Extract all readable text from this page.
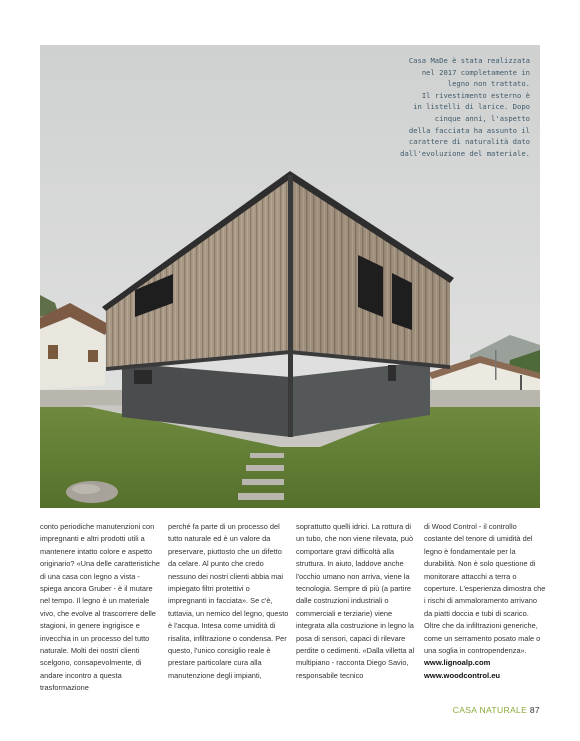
Casa MaDe è stata realizzata

nel 2017 completamente in

legno non trattato.

Il rivestimento esterno è

in listelli di larice. Dopo

cinque anni, l'aspetto

della facciata ha assunto il

carattere di naturalità dato

dall'evoluzione del materiale.

conto periodiche manutenzioni con impregnanti e altri prodotti utili a mantenere intatto colore e aspetto originario? «Una delle caratteristiche di una casa con legno a vista - spiega ancora Gruber - è il mutare nel tempo. Il legno è un materiale vivo, che evolve al trascorrere delle stagioni, in genere ingrigisce e invecchia in un processo del tutto naturale. Molti dei nostri clienti scelgono, consapevolmente, di andare incontro a questa trasformazione

perché fa parte di un processo del tutto naturale ed è un valore da preservare, piuttosto che un difetto da celare. Al punto che credo nessuno dei nostri clienti abbia mai impiegato filtri protettivi o impregnanti in facciata». Se c'è, tuttavia, un nemico del legno, questo è l'acqua. Intesa come umidità di risalita, infiltrazione o condensa. Per questo, l'unico consiglio reale è prestare particolare cura alla manutenzione degli impianti,

soprattutto quelli idrici. La rottura di un tubo, che non viene rilevata, può comportare gravi difficoltà alla struttura. In aiuto, laddove anche l'occhio umano non arriva, viene la tecnologia. Sempre di più (a partire dalle costruzioni industriali o commerciali e terziarie) viene integrata alla costruzione in legno la posa di sensori, capaci di rilevare perdite o cedimenti. «Dalla villetta al multipiano - racconta Diego Savio, responsabile tecnico

di Wood Control - il controllo costante del tenore di umidità del legno è fondamentale per la durabilità. Non è solo questione di monitorare attacchi a terra o coperture. L'esperienza dimostra che i rischi di ammaloramento arrivano da piatti doccia e tubi di scarico. Oltre che da infiltrazioni generiche, come un serramento posato male o una soglia in contropendenza».

www.lignoalp.com
www.woodcontrol.eu
CASA NATURALE 87
